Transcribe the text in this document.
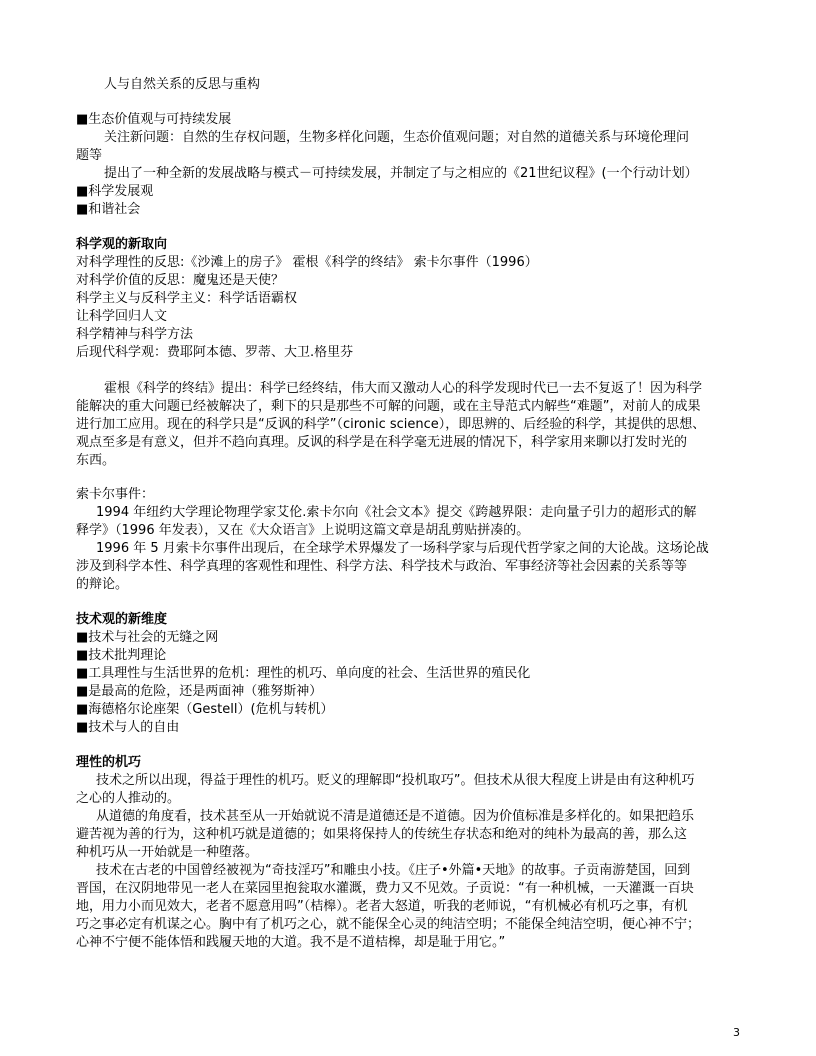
人与自然关系的反思与重构
■生态价值观与可持续发展
关注新问题：自然的生存权问题，生物多样化问题，生态价值观问题；对自然的道德关系与环境伦理问
题等
提出了一种全新的发展战略与模式－可持续发展，并制定了与之相应的《21世纪议程》(一个行动计划）
■科学发展观
■和谐社会
科学观的新取向
对科学理性的反思:《沙滩上的房子》 霍根《科学的终结》 索卡尔事件（1996）
对科学价值的反思：魔鬼还是天使？
科学主义与反科学主义：科学话语霸权
让科学回归人文
科学精神与科学方法
后现代科学观：费耶阿本德、罗蒂、大卫.格里芬
霍根《科学的终结》提出：科学已经终结，伟大而又激动人心的科学发现时代已一去不复返了！因为科学
能解决的重大问题已经被解决了，剩下的只是那些不可解的问题，或在主导范式内解些“难题”，对前人的成果
进行加工应用。现在的科学只是“反讽的科学”（cironic science），即思辨的、后经验的科学，其提供的思想、
观点至多是有意义，但并不趋向真理。反讽的科学是在科学毫无进展的情况下，科学家用来聊以打发时光的
东西。
索卡尔事件：
1994 年纽约大学理论物理学家艾伦.索卡尔向《社会文本》提交《跨越界限：走向量子引力的超形式的解
释学》（1996 年发表），又在《大众语言》上说明这篇文章是胡乱剪贴拼凑的。
1996 年 5 月索卡尔事件出现后，在全球学术界爆发了一场科学家与后现代哲学家之间的大论战。这场论战
涉及到科学本性、科学真理的客观性和理性、科学方法、科学技术与政治、军事经济等社会因素的关系等等
的辩论。
技术观的新维度
■技术与社会的无缝之网
■技术批判理论
■工具理性与生活世界的危机：理性的机巧、单向度的社会、生活世界的殖民化
■是最高的危险，还是两面神（雅努斯神）
■海德格尔论座架（Gestell）(危机与转机）
■技术与人的自由
理性的机巧
技术之所以出现，得益于理性的机巧。贬义的理解即“投机取巧”。但技术从很大程度上讲是由有这种机巧
之心的人推动的。
从道德的角度看，技术甚至从一开始就说不清是道德还是不道德。因为价值标准是多样化的。如果把趋乐
避苦视为善的行为，这种机巧就是道德的；如果将保持人的传统生存状态和绝对的纯朴为最高的善，那么这
种机巧从一开始就是一种堕落。
技术在古老的中国曾经被视为“奇技淫巧”和雕虫小技。《庄子•外篇•天地》的故事。子贡南游楚国，回到
晋国，在汉阴地带见一老人在菜园里抱瓮取水灌溉，费力又不见效。子贡说：“有一种机械，一天灌溉一百块
地，用力小而见效大，老者不愿意用吗”（桔槔）。老者大怒道，听我的老师说，“有机械必有机巧之事，有机
巧之事必定有机谋之心。胸中有了机巧之心，就不能保全心灵的纯洁空明；不能保全纯洁空明，便心神不宁；
心神不宁便不能体悟和践履天地的大道。我不是不道桔槔，却是耻于用它。”
3
